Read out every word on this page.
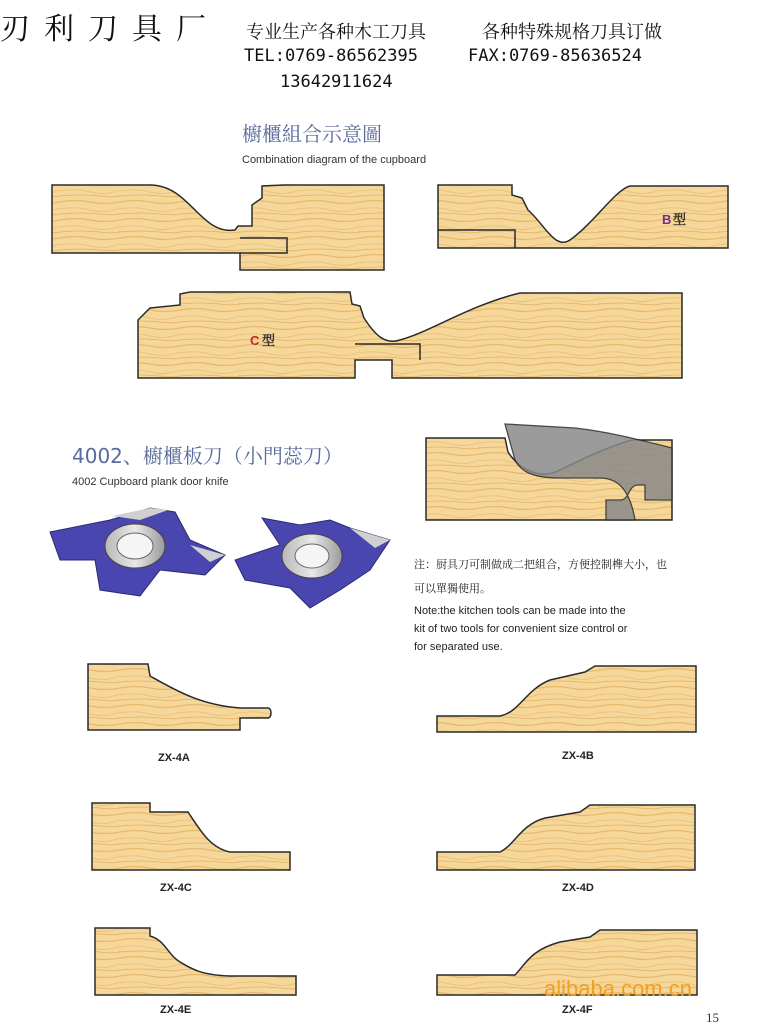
刃利刀具厂 专业生产各种木工刀具	各种特殊规格刀具订做
TEL:0769-86562395	FAX:0769-85636524
13642911624
櫥櫃組合示意圖
Combination diagram of the cupboard
B 型
C 型
4002、櫥櫃板刀（小門蕊刀）
4002 Cupboard plank door knife
注：厨具刀可制做成二把組合，方便控制榫大小，也
可以單獨使用。
Note:the kitchen tools can be made into the
kit of two tools for convenient size control or
for separated use.
ZX-4A	ZX-4B
ZX-4C	ZX-4D
ZX-4E	ZX-4F
alibaba.com.cn
15
